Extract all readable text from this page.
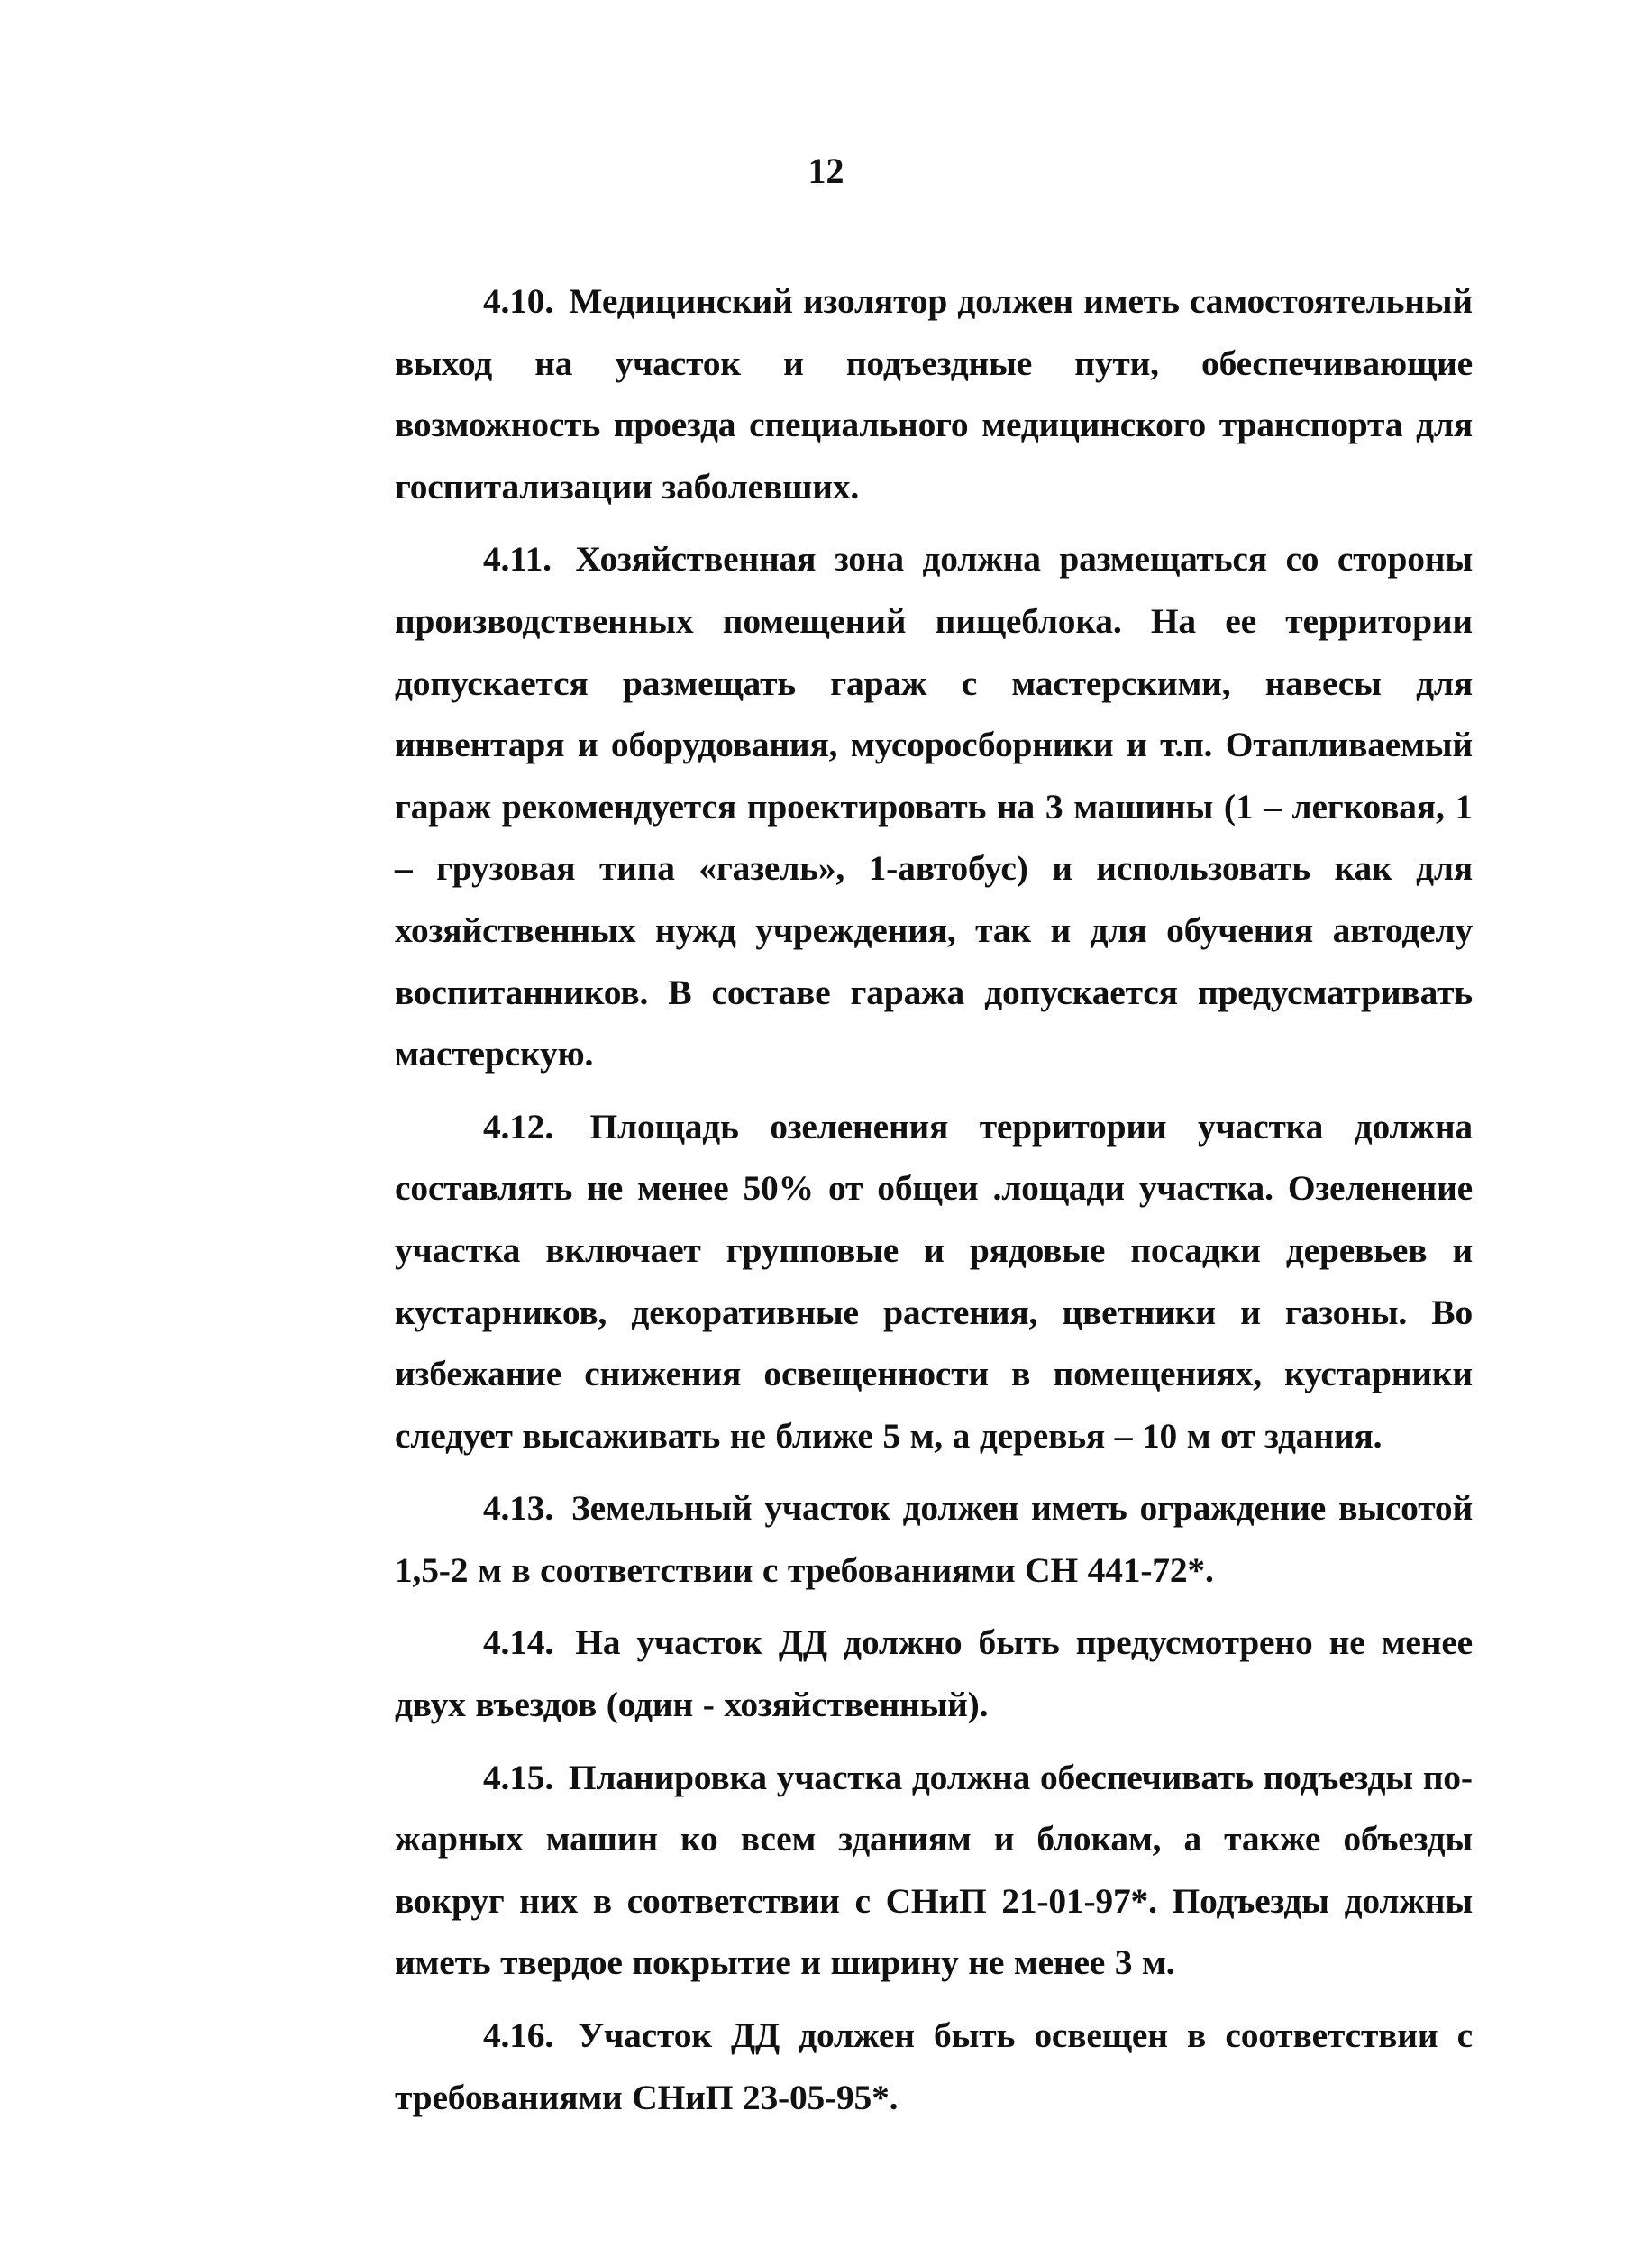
12

4.10. Медицинский изолятор должен иметь самостоятельный выход на участок и подъездные пути, обеспечивающие возможность проезда специального медицинского транспорта для госпитализации заболевших.

4.11. Хозяйственная зона должна размещаться со стороны производственных помещений пищеблока. На ее территории допускается размещать гараж с мастерскими, навесы для инвентаря и оборудования, мусоросборники и т.п. Отапливаемый гараж рекомендуется проектировать на 3 машины (1 – легковая, 1 – грузовая типа «газель», 1-автобус) и использовать как для хозяйственных нужд учреждения, так и для обучения автоделу воспитанников. В составе гаража допускается предусматривать мастерскую.

4.12. Площадь озеленения территории участка должна составлять не менее 50% от общеи .лощади участка. Озеленение участка включает групповые и рядовые посадки деревьев и кустарников, декоративные растения, цветники и газоны. Во избежание снижения освещенности в помещениях, кустарники следует высаживать не ближе 5 м, а деревья – 10 м от здания.

4.13. Земельный участок должен иметь ограждение высотой 1,5-2 м в соответствии с требованиями СН 441-72*.

4.14. На участок ДД должно быть предусмотрено не менее двух въездов (один - хозяйственный).

4.15. Планировка участка должна обеспечивать подъезды пожарных машин ко всем зданиям и блокам, а также объезды вокруг них в соответствии с СНиП 21-01-97*. Подъезды должны иметь твердое покрытие и ширину не менее 3 м.

4.16. Участок ДД должен быть освещен в соответствии с требованиями СНиП 23-05-95*.
